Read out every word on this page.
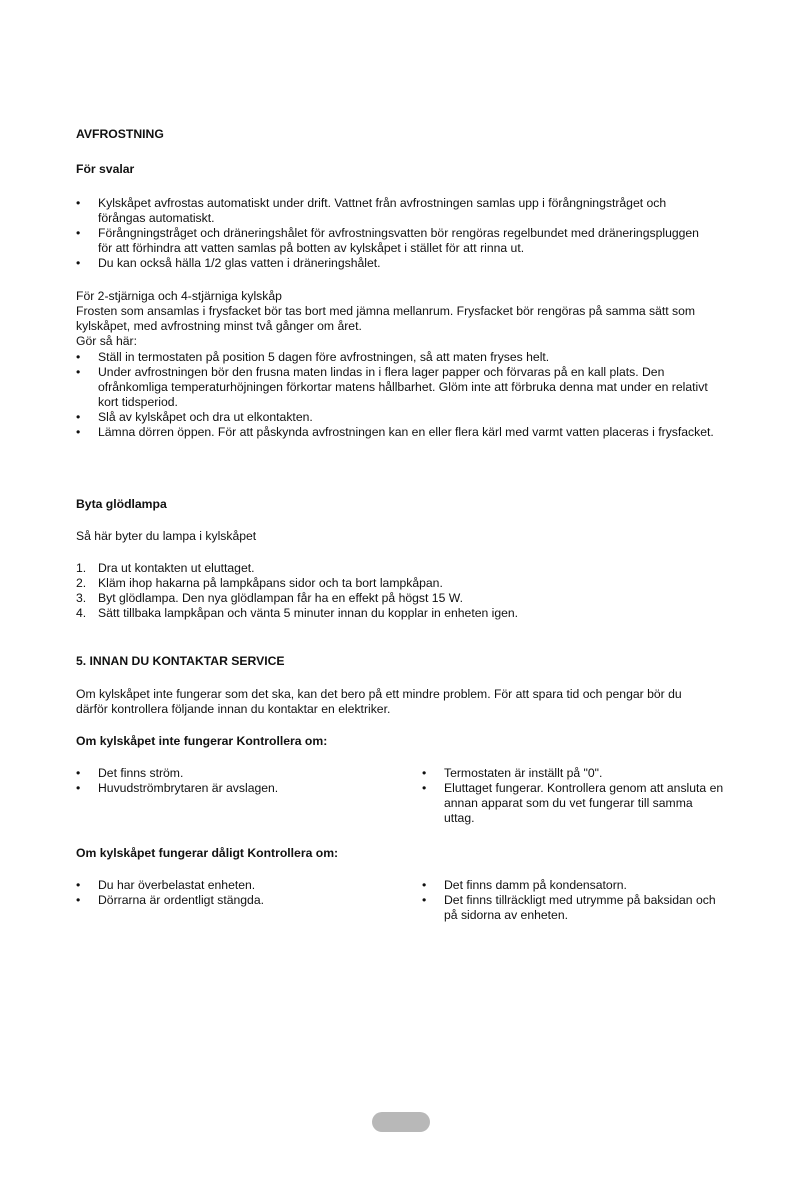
AVFROSTNING
För svalar
• Kylskåpet avfrostas automatiskt under drift. Vattnet från avfrostningen samlas upp i förångningstråget och förångas automatiskt.
• Förångningstråget och dräneringshålet för avfrostningsvatten bör rengöras regelbundet med dräneringspluggen för att förhindra att vatten samlas på botten av kylskåpet i stället för att rinna ut.
• Du kan också hälla 1/2 glas vatten i dräneringshålet.
För 2-stjärniga och 4-stjärniga kylskåp
Frosten som ansamlas i frysfacket bör tas bort med jämna mellanrum. Frysfacket bör rengöras på samma sätt som kylskåpet, med avfrostning minst två gånger om året.
Gör så här:
• Ställ in termostaten på position 5 dagen före avfrostningen, så att maten fryses helt.
• Under avfrostningen bör den frusna maten lindas in i flera lager papper och förvaras på en kall plats. Den ofrånkomliga temperaturhöjningen förkortar matens hållbarhet. Glöm inte att förbruka denna mat under en relativt kort tidsperiod.
• Slå av kylskåpet och dra ut elkontakten.
• Lämna dörren öppen. För att påskynda avfrostningen kan en eller flera kärl med varmt vatten placeras i frysfacket.
Byta glödlampa
Så här byter du lampa i kylskåpet
1. Dra ut kontakten ut eluttaget.
2. Kläm ihop hakarna på lampkåpans sidor och ta bort lampkåpan.
3. Byt glödlampa. Den nya glödlampan får ha en effekt på högst 15 W.
4. Sätt tillbaka lampkåpan och vänta 5 minuter innan du kopplar in enheten igen.
5. INNAN DU KONTAKTAR SERVICE
Om kylskåpet inte fungerar som det ska, kan det bero på ett mindre problem. För att spara tid och pengar bör du därför kontrollera följande innan du kontaktar en elektriker.
Om kylskåpet inte fungerar Kontrollera om:
• Det finns ström.
• Huvudströmbrytaren är avslagen.
• Termostaten är inställt på "0".
• Eluttaget fungerar. Kontrollera genom att ansluta en annan apparat som du vet fungerar till samma uttag.
Om kylskåpet fungerar dåligt Kontrollera om:
• Du har överbelastat enheten.
• Dörrarna är ordentligt stängda.
• Det finns damm på kondensatorn.
• Det finns tillräckligt med utrymme på baksidan och på sidorna av enheten.
